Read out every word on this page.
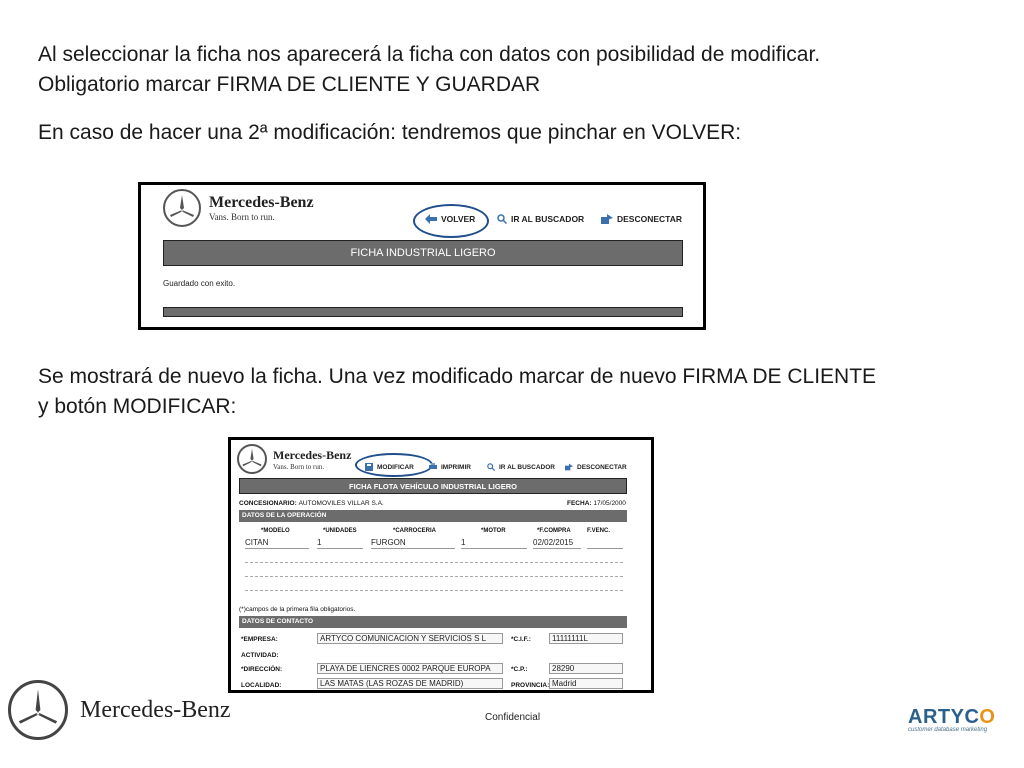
Al seleccionar la ficha nos aparecerá la ficha con datos con posibilidad de modificar. Obligatorio marcar FIRMA DE CLIENTE Y GUARDAR
En caso de hacer una 2ª modificación: tendremos que pinchar en VOLVER:
Mercedes-Benz
Vans. Born to run.	VOLVER	IR AL BUSCADOR	DESCONECTAR
FICHA INDUSTRIAL LIGERO
Guardado con exito.
Se mostrará de nuevo la ficha. Una vez modificado marcar de nuevo FIRMA DE CLIENTE y botón MODIFICAR:
Mercedes-Benz
Vans. Born to run.	MODIFICAR	IMPRIMIR	IR AL BUSCADOR	DESCONECTAR
FICHA FLOTA VEHÍCULO INDUSTRIAL LIGERO
CONCESIONARIO: AUTOMOVILES VILLAR S.A.	FECHA: 17/05/2000
DATOS DE LA OPERACIÓN
*MODELO	*UNIDADES	*CARROCERIA	*MOTOR	*F.COMPRA	F.VENC.
CITAN	1	FURGON	1	02/02/2015
(*)campos de la primera fila obligatorios.
DATOS DE CONTACTO
*EMPRESA:	ARTYCO COMUNICACION Y SERVICIOS S L	*C.I.F.:	11111111L
ACTIVIDAD:
*DIRECCIÓN:	PLAYA DE LIENCRES 0002 PARQUE EUROPA	*C.P.:	28290
LOCALIDAD:	LAS MATAS (LAS ROZAS DE MADRID)	PROVINCIA: Madrid
Mercedes-Benz	Confidencial	ARTYCO
customer database marketing
